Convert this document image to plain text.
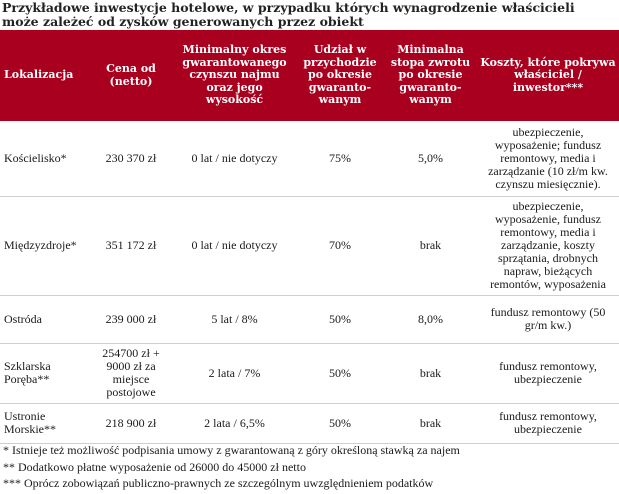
Przykładowe inwestycje hotelowe, w przypadku których wynagrodzenie właścicieli może zależeć od zysków generowanych przez obiekt
Lokalizacja	Cena od (netto)	Minimalny okres gwarantowanego czynszu najmu oraz jego wysokość	Udział w przychodzie po okresie gwaranto-wanym	Minimalna stopa zwrotu po okresie gwaranto-wanym	Koszty, które pokrywa właściciel / inwestor***
Kościelisko*	230 370 zł	0 lat / nie dotyczy	75%	5,0%	ubezpieczenie, wyposażenie; fundusz remontowy, media i zarządzanie (10 zł/m kw. czynszu miesięcznie).
Międzyzdroje*	351 172 zł	0 lat / nie dotyczy	70%	brak	ubezpieczenie, wyposażenie, fundusz remontowy, media i zarządzanie, koszty sprzątania, drobnych napraw, bieżących remontów, wyposażenia
Ostróda	239 000 zł	5 lat / 8%	50%	8,0%	fundusz remontowy (50 gr/m kw.)
Szklarska Poręba**	254700 zł + 9000 zł za miejsce postojowe	2 lata / 7%	50%	brak	fundusz remontowy, ubezpieczenie
Ustronie Morskie**	218 900 zł	2 lata / 6,5%	50%	brak	fundusz remontowy, ubezpieczenie
* Istnieje też możliwość podpisania umowy z gwarantowaną z góry określoną stawką za najem
** Dodatkowo płatne wyposażenie od 26000 do 45000 zł netto
*** Oprócz zobowiązań publiczno-prawnych ze szczególnym uwzględnieniem podatków
